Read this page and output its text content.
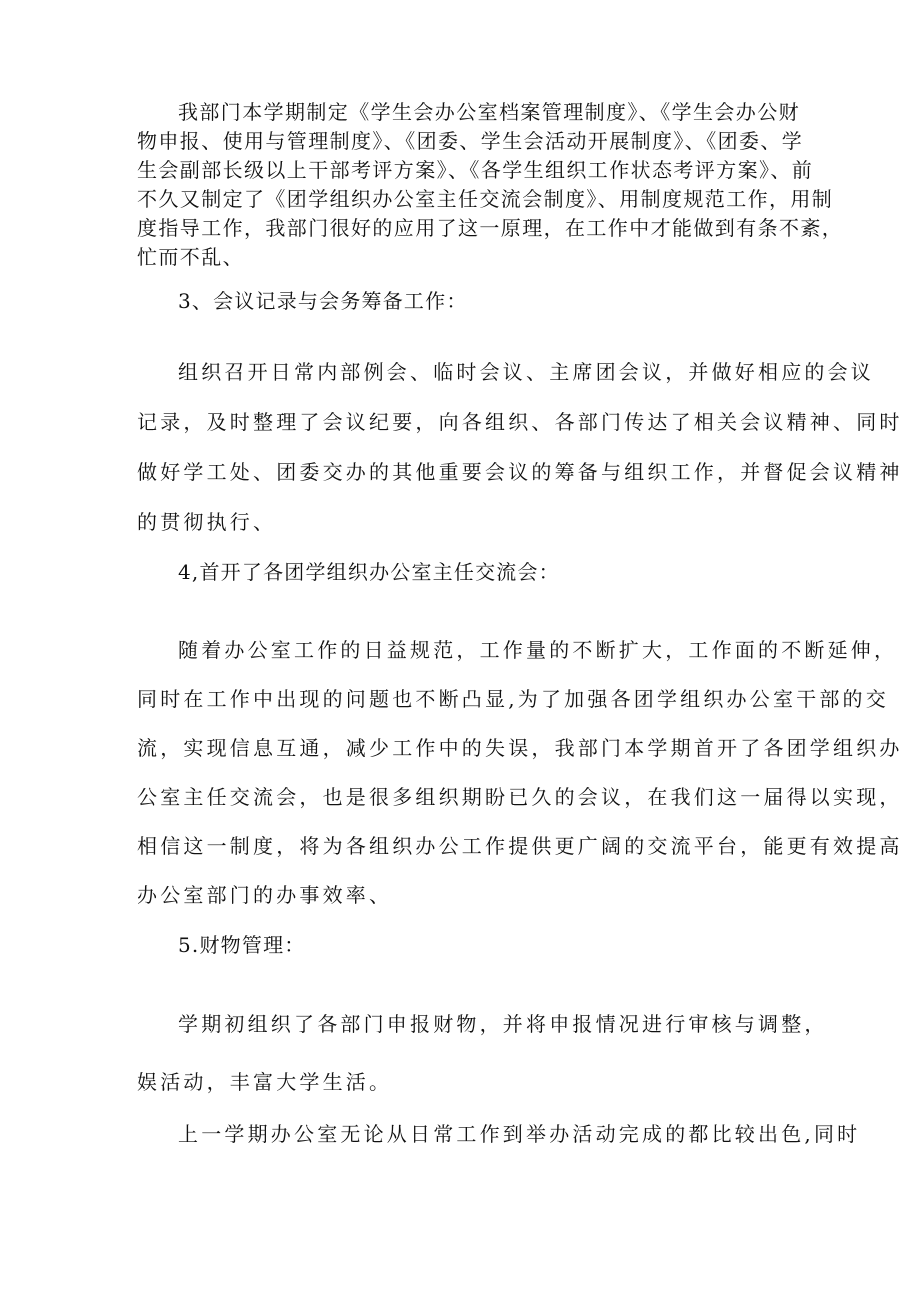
我部门本学期制定《学生会办公室档案管理制度》、《学生会办公财
物申报、使用与管理制度》、《团委、学生会活动开展制度》、《团委、学
生会副部长级以上干部考评方案》、《各学生组织工作状态考评方案》、前
不久又制定了《团学组织办公室主任交流会制度》、用制度规范工作，用制
度指导工作，我部门很好的应用了这一原理，在工作中才能做到有条不紊，
忙而不乱、
3、会议记录与会务筹备工作：
组织召开日常内部例会、临时会议、主席团会议，并做好相应的会议
记录，及时整理了会议纪要，向各组织、各部门传达了相关会议精神、同时
做好学工处、团委交办的其他重要会议的筹备与组织工作，并督促会议精神
的贯彻执行、
4,首开了各团学组织办公室主任交流会：
随着办公室工作的日益规范，工作量的不断扩大，工作面的不断延伸，
同时在工作中出现的问题也不断凸显,为了加强各团学组织办公室干部的交
流，实现信息互通，减少工作中的失误，我部门本学期首开了各团学组织办
公室主任交流会，也是很多组织期盼已久的会议，在我们这一届得以实现，
相信这一制度，将为各组织办公工作提供更广阔的交流平台，能更有效提高
办公室部门的办事效率、
5.财物管理：
学期初组织了各部门申报财物，并将申报情况进行审核与调整，
娱活动，丰富大学生活。
上一学期办公室无论从日常工作到举办活动完成的都比较出色,同时
